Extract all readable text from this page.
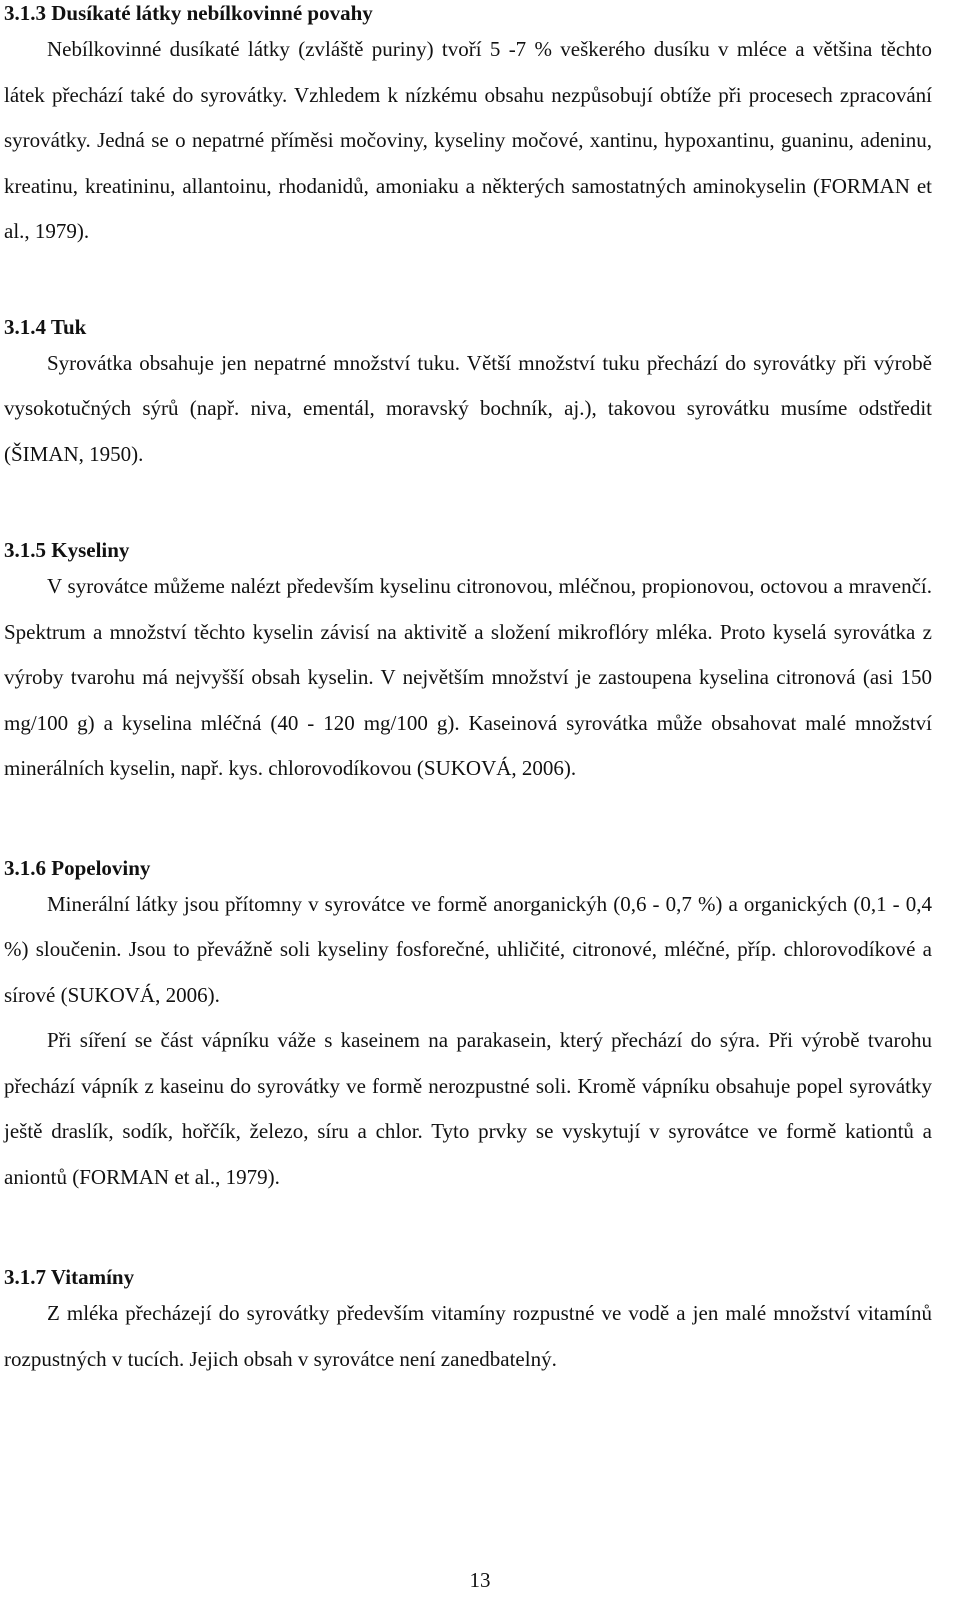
3.1.3 Dusíkaté látky nebílkovinné povahy

Nebílkovinné dusíkaté látky (zvláště puriny) tvoří 5 -7 % veškerého dusíku v mléce a většina těchto látek přechází také do syrovátky. Vzhledem k nízkému obsahu nezpůsobují obtíže při procesech zpracování syrovátky. Jedná se o nepatrné příměsi močoviny, kyseliny močové, xantinu, hypoxantinu, guaninu, adeninu, kreatinu, kreatininu, allantoinu, rhodanidů, amoniaku a některých samostatných aminokyselin (FORMAN et al., 1979).

3.1.4 Tuk

Syrovátka obsahuje jen nepatrné množství tuku. Větší množství tuku přechází do syrovátky při výrobě vysokotučných sýrů (např. niva, ementál, moravský bochník, aj.), takovou syrovátku musíme odstředit (ŠIMAN, 1950).

3.1.5 Kyseliny

V syrovátce můžeme nalézt především kyselinu citronovou, mléčnou, propionovou, octovou a mravenčí. Spektrum a množství těchto kyselin závisí na aktivitě a složení mikroflóry mléka. Proto kyselá syrovátka z výroby tvarohu má nejvyšší obsah kyselin. V největším množství je zastoupena kyselina citronová (asi 150 mg/100 g) a kyselina mléčná (40 - 120 mg/100 g). Kaseinová syrovátka může obsahovat malé množství minerálních kyselin, např. kys. chlorovodíkovou (SUKOVÁ, 2006).

3.1.6 Popeloviny

Minerální látky jsou přítomny v syrovátce ve formě anorganickýh (0,6 - 0,7 %) a organických (0,1 - 0,4 %) sloučenin. Jsou to převážně soli kyseliny fosforečné, uhličité, citronové, mléčné, příp. chlorovodíkové a sírové (SUKOVÁ, 2006).

Při síření se část vápníku váže s kaseinem na parakasein, který přechází do sýra. Při výrobě tvarohu přechází vápník z kaseinu do syrovátky ve formě nerozpustné soli. Kromě vápníku obsahuje popel syrovátky ještě draslík, sodík, hořčík, železo, síru a chlor. Tyto prvky se vyskytují v syrovátce ve formě kationtů a aniontů (FORMAN et al., 1979).

3.1.7 Vitamíny

Z mléka přecházejí do syrovátky především vitamíny rozpustné ve vodě a jen malé množství vitamínů rozpustných v tucích. Jejich obsah v syrovátce není zanedbatelný.

13
